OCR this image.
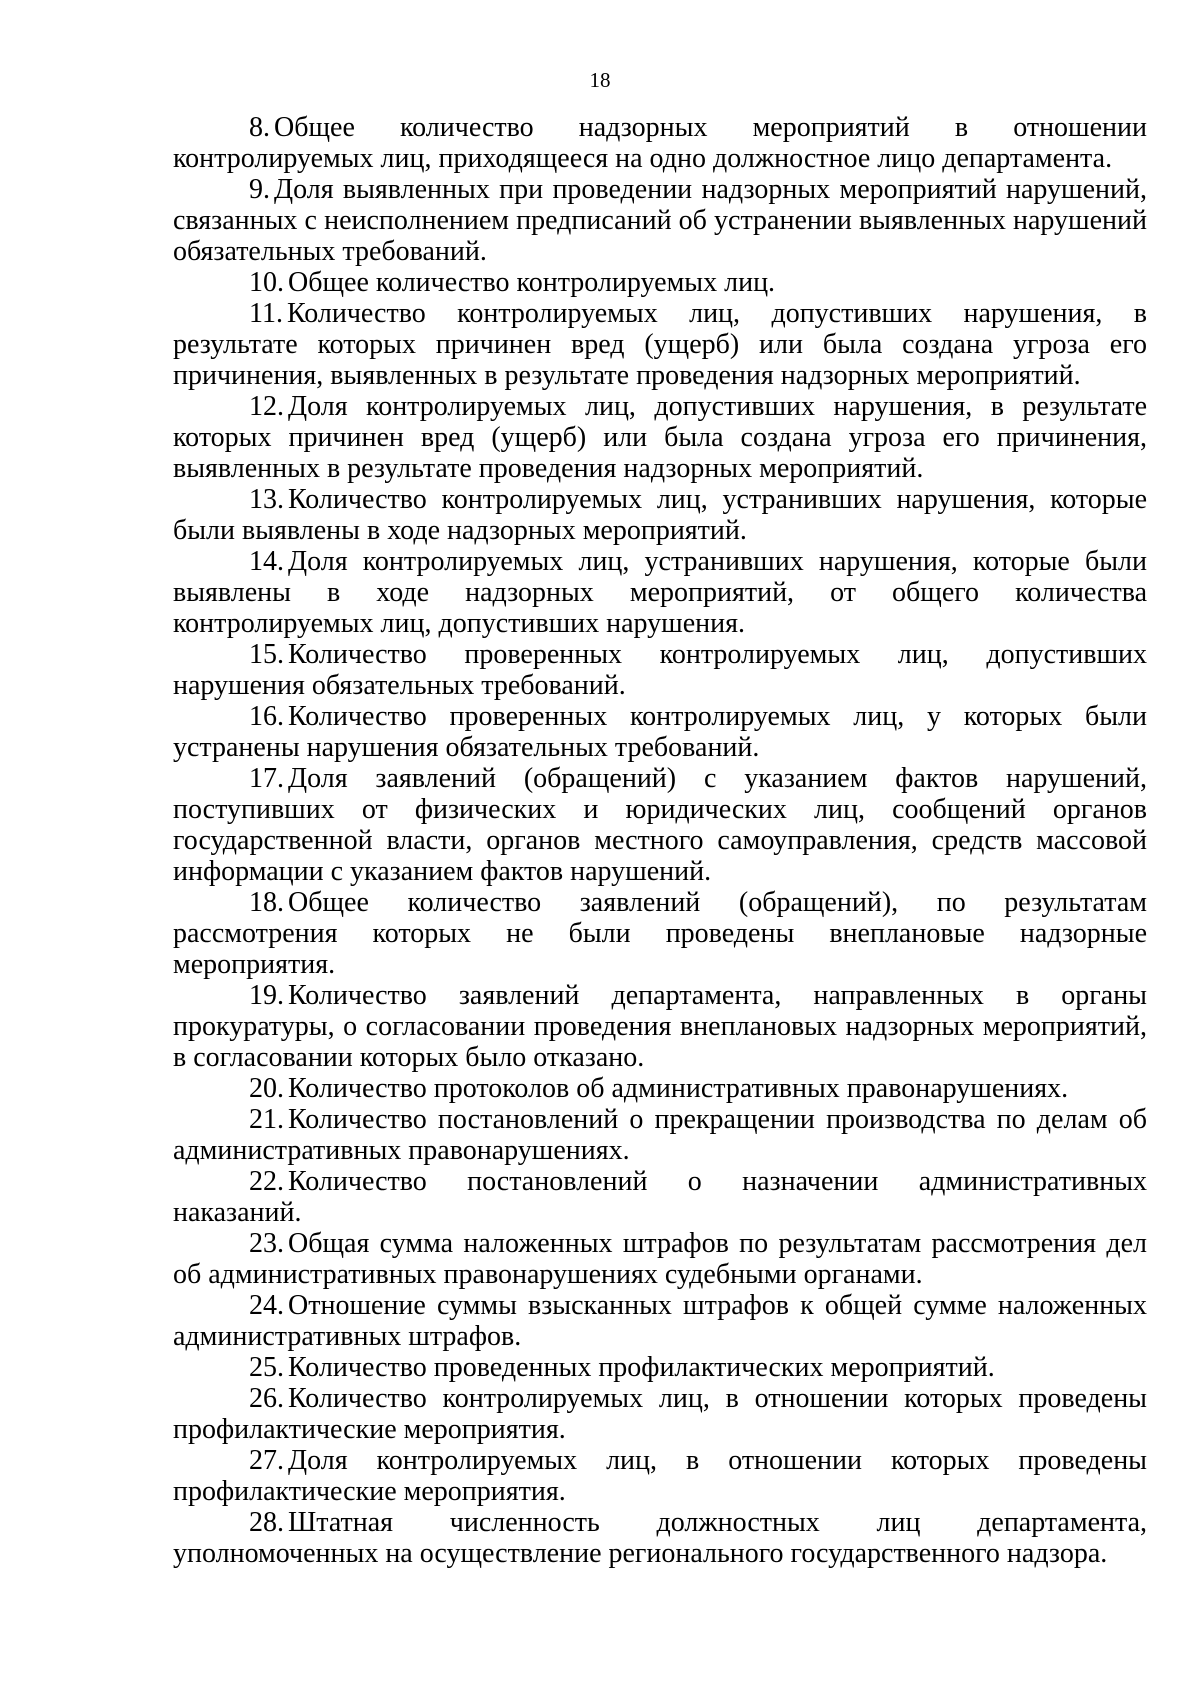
18

8. Общее количество надзорных мероприятий в отношении контролируемых лиц, приходящееся на одно должностное лицо департамента.

9. Доля выявленных при проведении надзорных мероприятий нарушений, связанных с неисполнением предписаний об устранении выявленных нарушений обязательных требований.

10. Общее количество контролируемых лиц.

11. Количество контролируемых лиц, допустивших нарушения, в результате которых причинен вред (ущерб) или была создана угроза его причинения, выявленных в результате проведения надзорных мероприятий.

12. Доля контролируемых лиц, допустивших нарушения, в результате которых причинен вред (ущерб) или была создана угроза его причинения, выявленных в результате проведения надзорных мероприятий.

13. Количество контролируемых лиц, устранивших нарушения, которые были выявлены в ходе надзорных мероприятий.

14. Доля контролируемых лиц, устранивших нарушения, которые были выявлены в ходе надзорных мероприятий, от общего количества контролируемых лиц, допустивших нарушения.

15. Количество проверенных контролируемых лиц, допустивших нарушения обязательных требований.

16. Количество проверенных контролируемых лиц, у которых были устранены нарушения обязательных требований.

17. Доля заявлений (обращений) с указанием фактов нарушений, поступивших от физических и юридических лиц, сообщений органов государственной власти, органов местного самоуправления, средств массовой информации с указанием фактов нарушений.

18. Общее количество заявлений (обращений), по результатам рассмотрения которых не были проведены внеплановые надзорные мероприятия.

19. Количество заявлений департамента, направленных в органы прокуратуры, о согласовании проведения внеплановых надзорных мероприятий, в согласовании которых было отказано.

20. Количество протоколов об административных правонарушениях.

21. Количество постановлений о прекращении производства по делам об административных правонарушениях.

22. Количество постановлений о назначении административных наказаний.

23. Общая сумма наложенных штрафов по результатам рассмотрения дел об административных правонарушениях судебными органами.

24. Отношение суммы взысканных штрафов к общей сумме наложенных административных штрафов.

25. Количество проведенных профилактических мероприятий.

26. Количество контролируемых лиц, в отношении которых проведены профилактические мероприятия.

27. Доля контролируемых лиц, в отношении которых проведены профилактические мероприятия.

28. Штатная численность должностных лиц департамента, уполномоченных на осуществление регионального государственного надзора.
